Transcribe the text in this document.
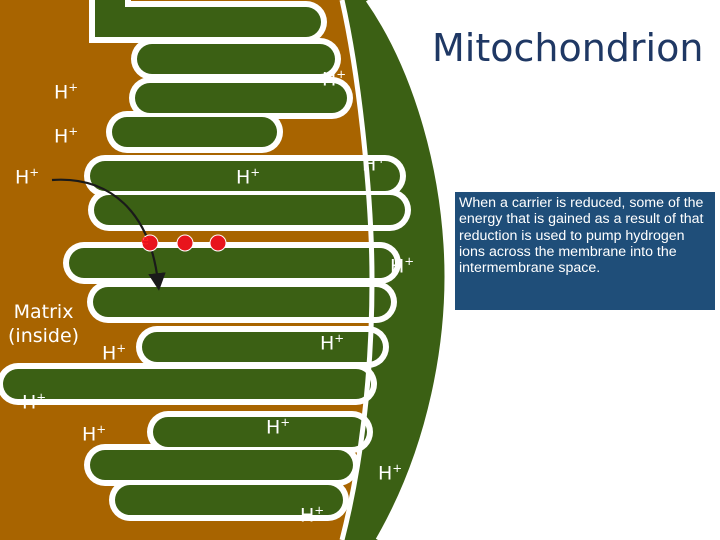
Mitochondrion
e-
H+	H+
H+
H+	H+	H+
H+
H+
H+
H+
H+	H+
H+
H+
Matrix
(inside)
When a carrier is reduced, some of the energy that is gained as a result of that reduction is used to pump hydrogen ions across the membrane into the intermembrane space.
